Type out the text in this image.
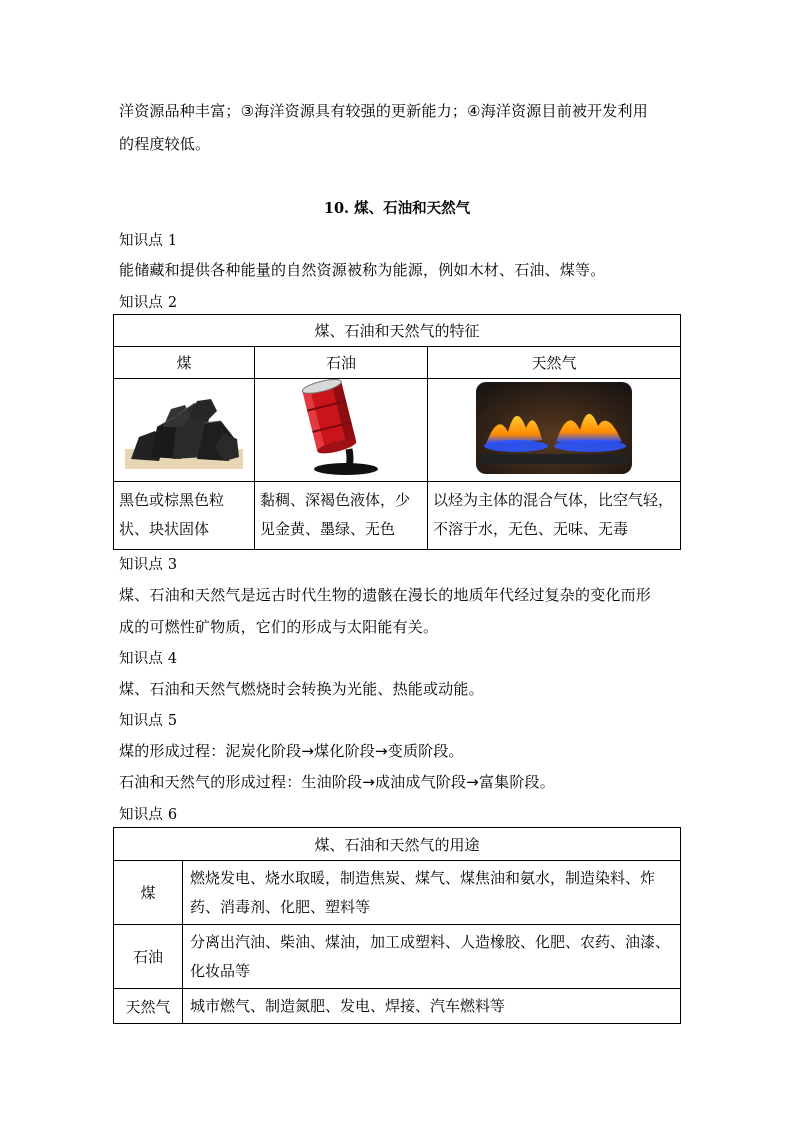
洋资源品种丰富；③海洋资源具有较强的更新能力；④海洋资源目前被开发利用
的程度较低。
10. 煤、石油和天然气
知识点 1
能储藏和提供各种能量的自然资源被称为能源，例如木材、石油、煤等。
知识点 2
煤、石油和天然气的特征		
煤	石油	天然气

黑色或棕黑色粒状、块状固体	黏稠、深褐色液体，少见金黄、墨绿、无色	以烃为主体的混合气体，比空气轻，不溶于水，无色、无味、无毒
知识点 3
煤、石油和天然气是远古时代生物的遗骸在漫长的地质年代经过复杂的变化而形
成的可燃性矿物质，它们的形成与太阳能有关。
知识点 4
煤、石油和天然气燃烧时会转换为光能、热能或动能。
知识点 5
煤的形成过程：泥炭化阶段→煤化阶段→变质阶段。
石油和天然气的形成过程：生油阶段→成油成气阶段→富集阶段。
知识点 6
煤、石油和天然气的用途	
煤	燃烧发电、烧水取暖，制造焦炭、煤气、煤焦油和氨水，制造染料、炸药、消毒剂、化肥、塑料等
石油	分离出汽油、柴油、煤油，加工成塑料、人造橡胶、化肥、农药、油漆、化妆品等
天然气	城市燃气、制造氮肥、发电、焊接、汽车燃料等
